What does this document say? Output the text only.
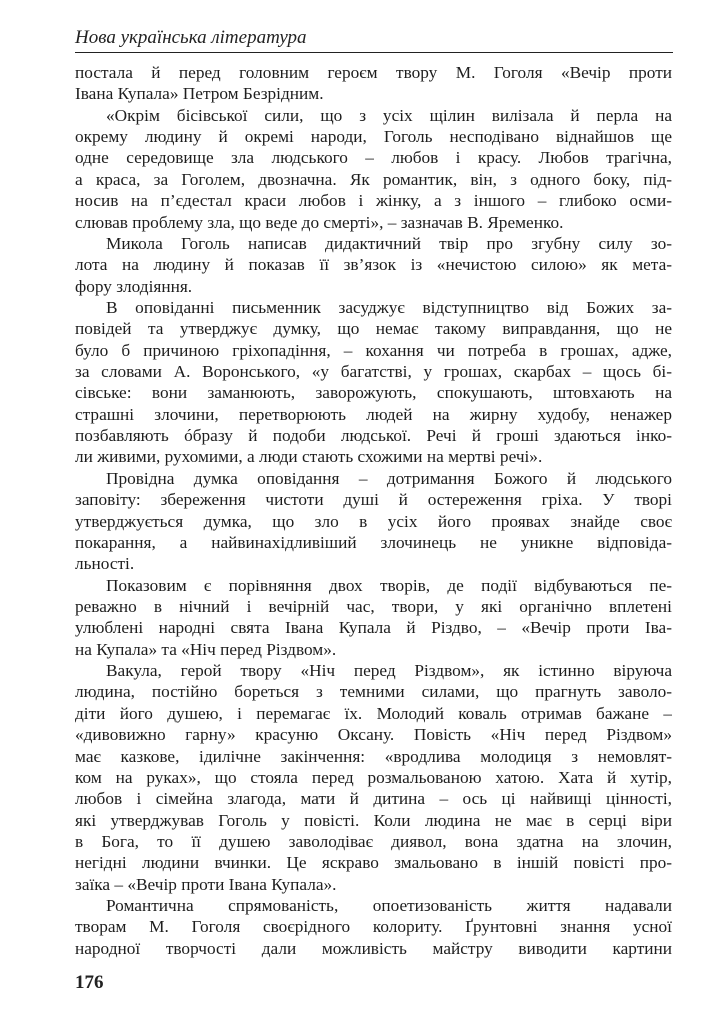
Нова українська література
постала й перед головним героєм твору М. Гоголя «Вечір проти
Івана Купала» Петром Безрідним.
«Окрім бісівської сили, що з усіх щілин вилізала й перла на
окрему людину й окремі народи, Гоголь несподівано віднайшов ще
одне середовище зла людського – любов і красу. Любов трагічна,
а краса, за Гоголем, двозначна. Як романтик, він, з одного боку, під-
носив на п’єдестал краси любов і жінку, а з іншого – глибоко осми-
слював проблему зла, що веде до смерті», – зазначав В. Яременко.
Микола Гоголь написав дидактичний твір про згубну силу зо-
лота на людину й показав її зв’язок із «нечистою силою» як мета-
фору злодіяння.
В оповіданні письменник засуджує відступництво від Божих за-
повідей та утверджує думку, що немає такому виправдання, що не
було б причиною гріхопадіння, – кохання чи потреба в грошах, адже,
за словами А. Воронського, «у багатстві, у грошах, скарбах – щось бі-
сівське: вони заманюють, заворожують, спокушають, штовхають на
страшні злочини, перетворюють людей на жирну худобу, ненажер
позбавляють óбразу й подоби людської. Речі й гроші здаються інко-
ли живими, рухомими, а люди стають схожими на мертві речі».
Провідна думка оповідання – дотримання Божого й людського
заповіту: збереження чистоти душі й остереження гріха. У творі
утверджується думка, що зло в усіх його проявах знайде своє
покарання, а найвинахідливіший злочинець не уникне відповіда-
льності.
Показовим є порівняння двох творів, де події відбуваються пе-
реважно в нічний і вечірній час, твори, у які органічно вплетені
улюблені народні свята Івана Купала й Різдво, – «Вечір проти Іва-
на Купала» та «Ніч перед Різдвом».
Вакула, герой твору «Ніч перед Різдвом», як істинно віруюча
людина, постійно бореться з темними силами, що прагнуть заволо-
діти його душею, і перемагає їх. Молодий коваль отримав бажане –
«дивовижно гарну» красуню Оксану. Повість «Ніч перед Різдвом»
має казкове, ідилічне закінчення: «вродлива молодиця з немовлят-
ком на руках», що стояла перед розмальованою хатою. Хата й хутір,
любов і сімейна злагода, мати й дитина – ось ці найвищі цінності,
які утверджував Гоголь у повісті. Коли людина не має в серці віри
в Бога, то її душею заволодіває диявол, вона здатна на злочин,
негідні людини вчинки. Це яскраво змальовано в іншій повісті про-
заїка – «Вечір проти Івана Купала».
Романтична спрямованість, опоетизованість життя надавали
творам М. Гоголя своєрідного колориту. Ґрунтовні знання усної
народної творчості дали можливість майстру виводити картини
176
